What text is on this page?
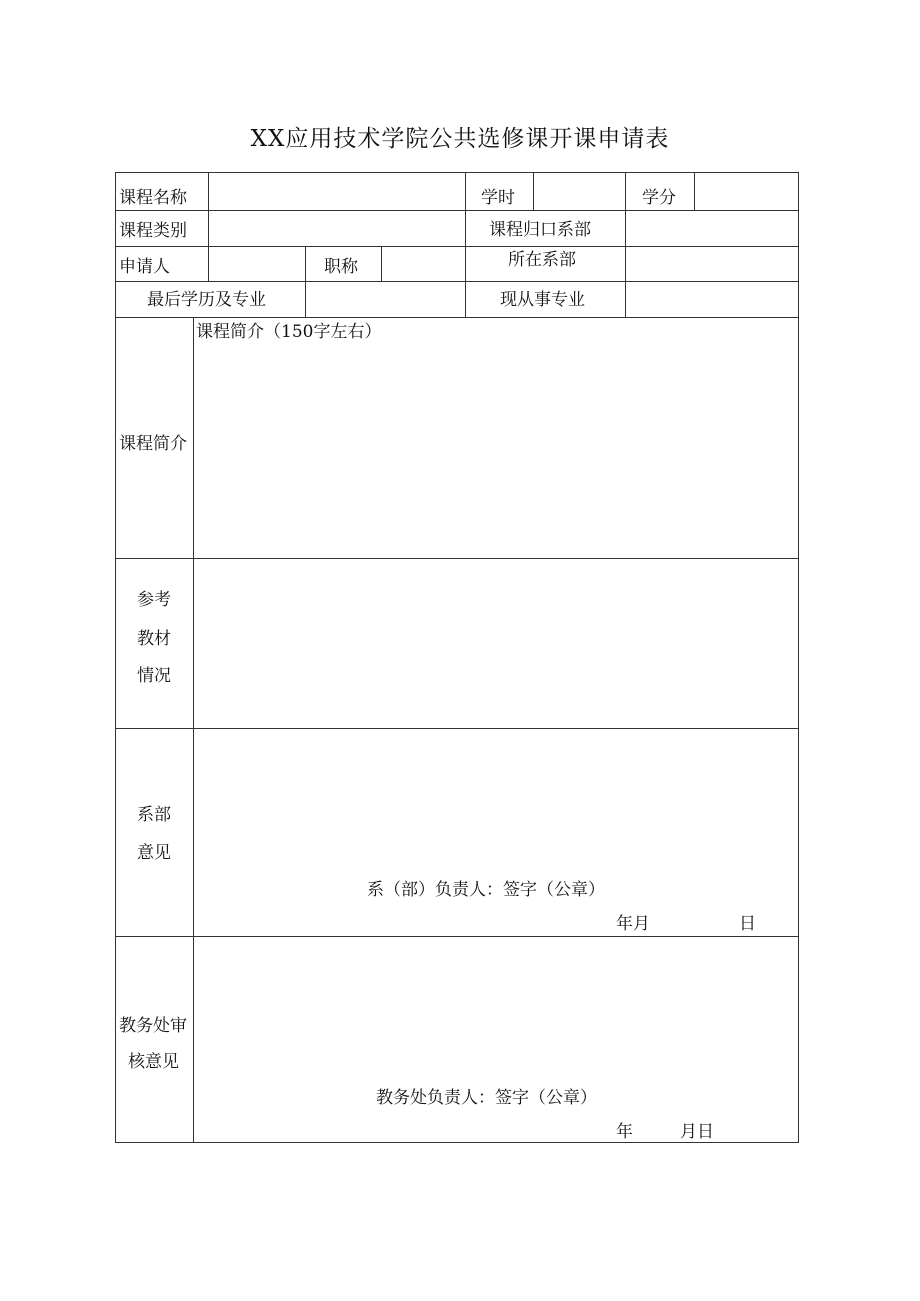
XX应用技术学院公共选修课开课申请表
课程名称	学时	学分
课程类别	课程归口系部
申请人	职称	所在系部
最后学历及专业	现从事专业
课程简介
课程简介（150字左右）
参考
教材
情况
系部
意见
系（部）负责人：签字（公章）
年月	日
教务处审
核意见
教务处负责人：签字（公章）
年	月日
